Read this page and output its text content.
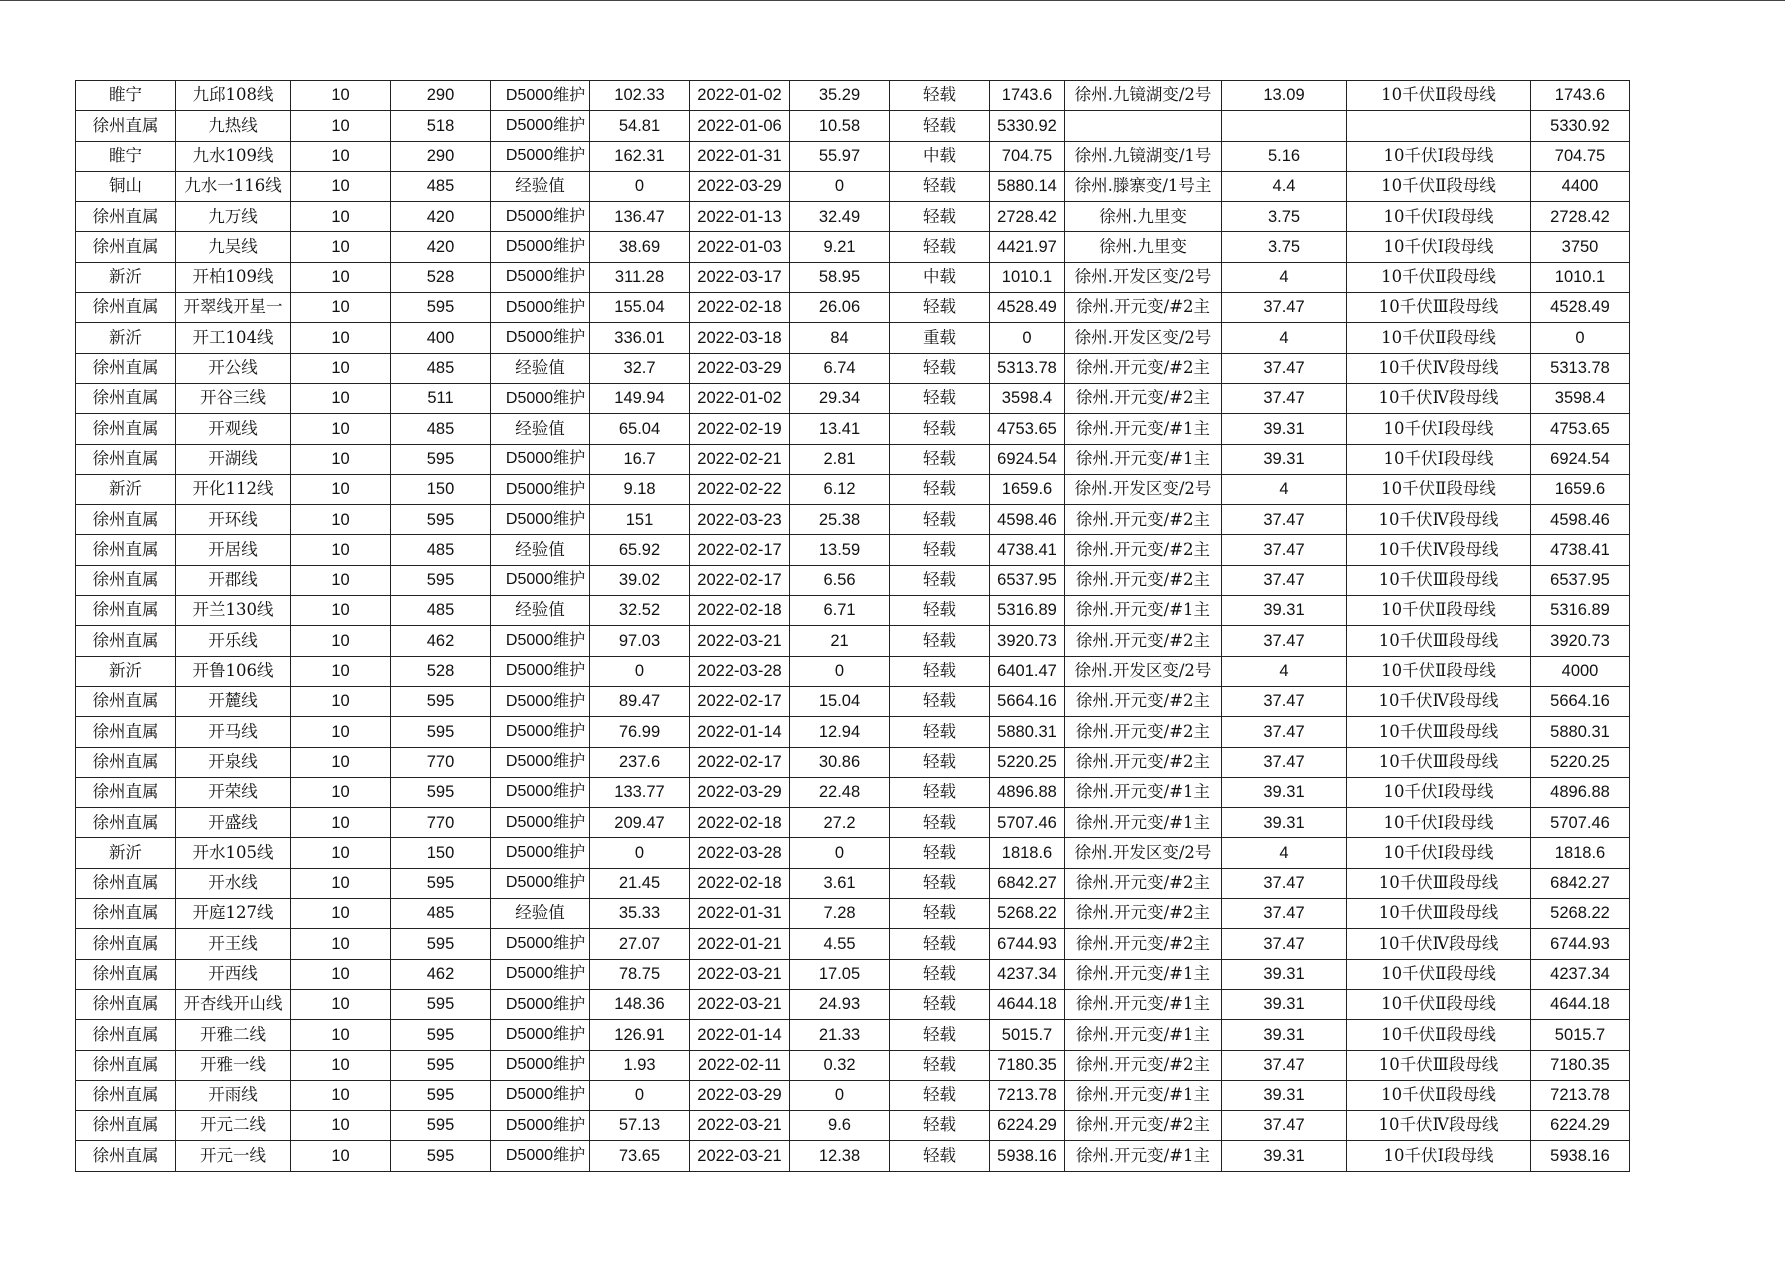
睢宁	九邱108线	10	290	D5000维护	102.33	2022-01-02	35.29	轻载	1743.6	徐州.九镜湖变/2号	13.09	10千伏Ⅱ段母线	1743.6
徐州直属	九热线	10	518	D5000维护	54.81	2022-01-06	10.58	轻载	5330.92				5330.92
睢宁	九水109线	10	290	D5000维护	162.31	2022-01-31	55.97	中载	704.75	徐州.九镜湖变/1号	5.16	10千伏Ⅰ段母线	704.75
铜山	九水一116线	10	485	经验值	0	2022-03-29	0	轻载	5880.14	徐州.滕寨变/1号主	4.4	10千伏Ⅱ段母线	4400
徐州直属	九万线	10	420	D5000维护	136.47	2022-01-13	32.49	轻载	2728.42	徐州.九里变	3.75	10千伏Ⅰ段母线	2728.42
徐州直属	九吴线	10	420	D5000维护	38.69	2022-01-03	9.21	轻载	4421.97	徐州.九里变	3.75	10千伏Ⅰ段母线	3750
新沂	开柏109线	10	528	D5000维护	311.28	2022-03-17	58.95	中载	1010.1	徐州.开发区变/2号	4	10千伏Ⅱ段母线	1010.1
徐州直属	开翠线开星一	10	595	D5000维护	155.04	2022-02-18	26.06	轻载	4528.49	徐州.开元变/#2主	37.47	10千伏Ⅲ段母线	4528.49
新沂	开工104线	10	400	D5000维护	336.01	2022-03-18	84	重载	0	徐州.开发区变/2号	4	10千伏Ⅱ段母线	0
徐州直属	开公线	10	485	经验值	32.7	2022-03-29	6.74	轻载	5313.78	徐州.开元变/#2主	37.47	10千伏Ⅳ段母线	5313.78
徐州直属	开谷三线	10	511	D5000维护	149.94	2022-01-02	29.34	轻载	3598.4	徐州.开元变/#2主	37.47	10千伏Ⅳ段母线	3598.4
徐州直属	开观线	10	485	经验值	65.04	2022-02-19	13.41	轻载	4753.65	徐州.开元变/#1主	39.31	10千伏Ⅰ段母线	4753.65
徐州直属	开湖线	10	595	D5000维护	16.7	2022-02-21	2.81	轻载	6924.54	徐州.开元变/#1主	39.31	10千伏Ⅰ段母线	6924.54
新沂	开化112线	10	150	D5000维护	9.18	2022-02-22	6.12	轻载	1659.6	徐州.开发区变/2号	4	10千伏Ⅱ段母线	1659.6
徐州直属	开环线	10	595	D5000维护	151	2022-03-23	25.38	轻载	4598.46	徐州.开元变/#2主	37.47	10千伏Ⅳ段母线	4598.46
徐州直属	开居线	10	485	经验值	65.92	2022-02-17	13.59	轻载	4738.41	徐州.开元变/#2主	37.47	10千伏Ⅳ段母线	4738.41
徐州直属	开郡线	10	595	D5000维护	39.02	2022-02-17	6.56	轻载	6537.95	徐州.开元变/#2主	37.47	10千伏Ⅲ段母线	6537.95
徐州直属	开兰130线	10	485	经验值	32.52	2022-02-18	6.71	轻载	5316.89	徐州.开元变/#1主	39.31	10千伏Ⅱ段母线	5316.89
徐州直属	开乐线	10	462	D5000维护	97.03	2022-03-21	21	轻载	3920.73	徐州.开元变/#2主	37.47	10千伏Ⅲ段母线	3920.73
新沂	开鲁106线	10	528	D5000维护	0	2022-03-28	0	轻载	6401.47	徐州.开发区变/2号	4	10千伏Ⅱ段母线	4000
徐州直属	开麓线	10	595	D5000维护	89.47	2022-02-17	15.04	轻载	5664.16	徐州.开元变/#2主	37.47	10千伏Ⅳ段母线	5664.16
徐州直属	开马线	10	595	D5000维护	76.99	2022-01-14	12.94	轻载	5880.31	徐州.开元变/#2主	37.47	10千伏Ⅲ段母线	5880.31
徐州直属	开泉线	10	770	D5000维护	237.6	2022-02-17	30.86	轻载	5220.25	徐州.开元变/#2主	37.47	10千伏Ⅲ段母线	5220.25
徐州直属	开荣线	10	595	D5000维护	133.77	2022-03-29	22.48	轻载	4896.88	徐州.开元变/#1主	39.31	10千伏Ⅰ段母线	4896.88
徐州直属	开盛线	10	770	D5000维护	209.47	2022-02-18	27.2	轻载	5707.46	徐州.开元变/#1主	39.31	10千伏Ⅰ段母线	5707.46
新沂	开水105线	10	150	D5000维护	0	2022-03-28	0	轻载	1818.6	徐州.开发区变/2号	4	10千伏Ⅰ段母线	1818.6
徐州直属	开水线	10	595	D5000维护	21.45	2022-02-18	3.61	轻载	6842.27	徐州.开元变/#2主	37.47	10千伏Ⅲ段母线	6842.27
徐州直属	开庭127线	10	485	经验值	35.33	2022-01-31	7.28	轻载	5268.22	徐州.开元变/#2主	37.47	10千伏Ⅲ段母线	5268.22
徐州直属	开王线	10	595	D5000维护	27.07	2022-01-21	4.55	轻载	6744.93	徐州.开元变/#2主	37.47	10千伏Ⅳ段母线	6744.93
徐州直属	开西线	10	462	D5000维护	78.75	2022-03-21	17.05	轻载	4237.34	徐州.开元变/#1主	39.31	10千伏Ⅱ段母线	4237.34
徐州直属	开杏线开山线	10	595	D5000维护	148.36	2022-03-21	24.93	轻载	4644.18	徐州.开元变/#1主	39.31	10千伏Ⅱ段母线	4644.18
徐州直属	开雅二线	10	595	D5000维护	126.91	2022-01-14	21.33	轻载	5015.7	徐州.开元变/#1主	39.31	10千伏Ⅱ段母线	5015.7
徐州直属	开雅一线	10	595	D5000维护	1.93	2022-02-11	0.32	轻载	7180.35	徐州.开元变/#2主	37.47	10千伏Ⅲ段母线	7180.35
徐州直属	开雨线	10	595	D5000维护	0	2022-03-29	0	轻载	7213.78	徐州.开元变/#1主	39.31	10千伏Ⅱ段母线	7213.78
徐州直属	开元二线	10	595	D5000维护	57.13	2022-03-21	9.6	轻载	6224.29	徐州.开元变/#2主	37.47	10千伏Ⅳ段母线	6224.29
徐州直属	开元一线	10	595	D5000维护	73.65	2022-03-21	12.38	轻载	5938.16	徐州.开元变/#1主	39.31	10千伏Ⅰ段母线	5938.16
